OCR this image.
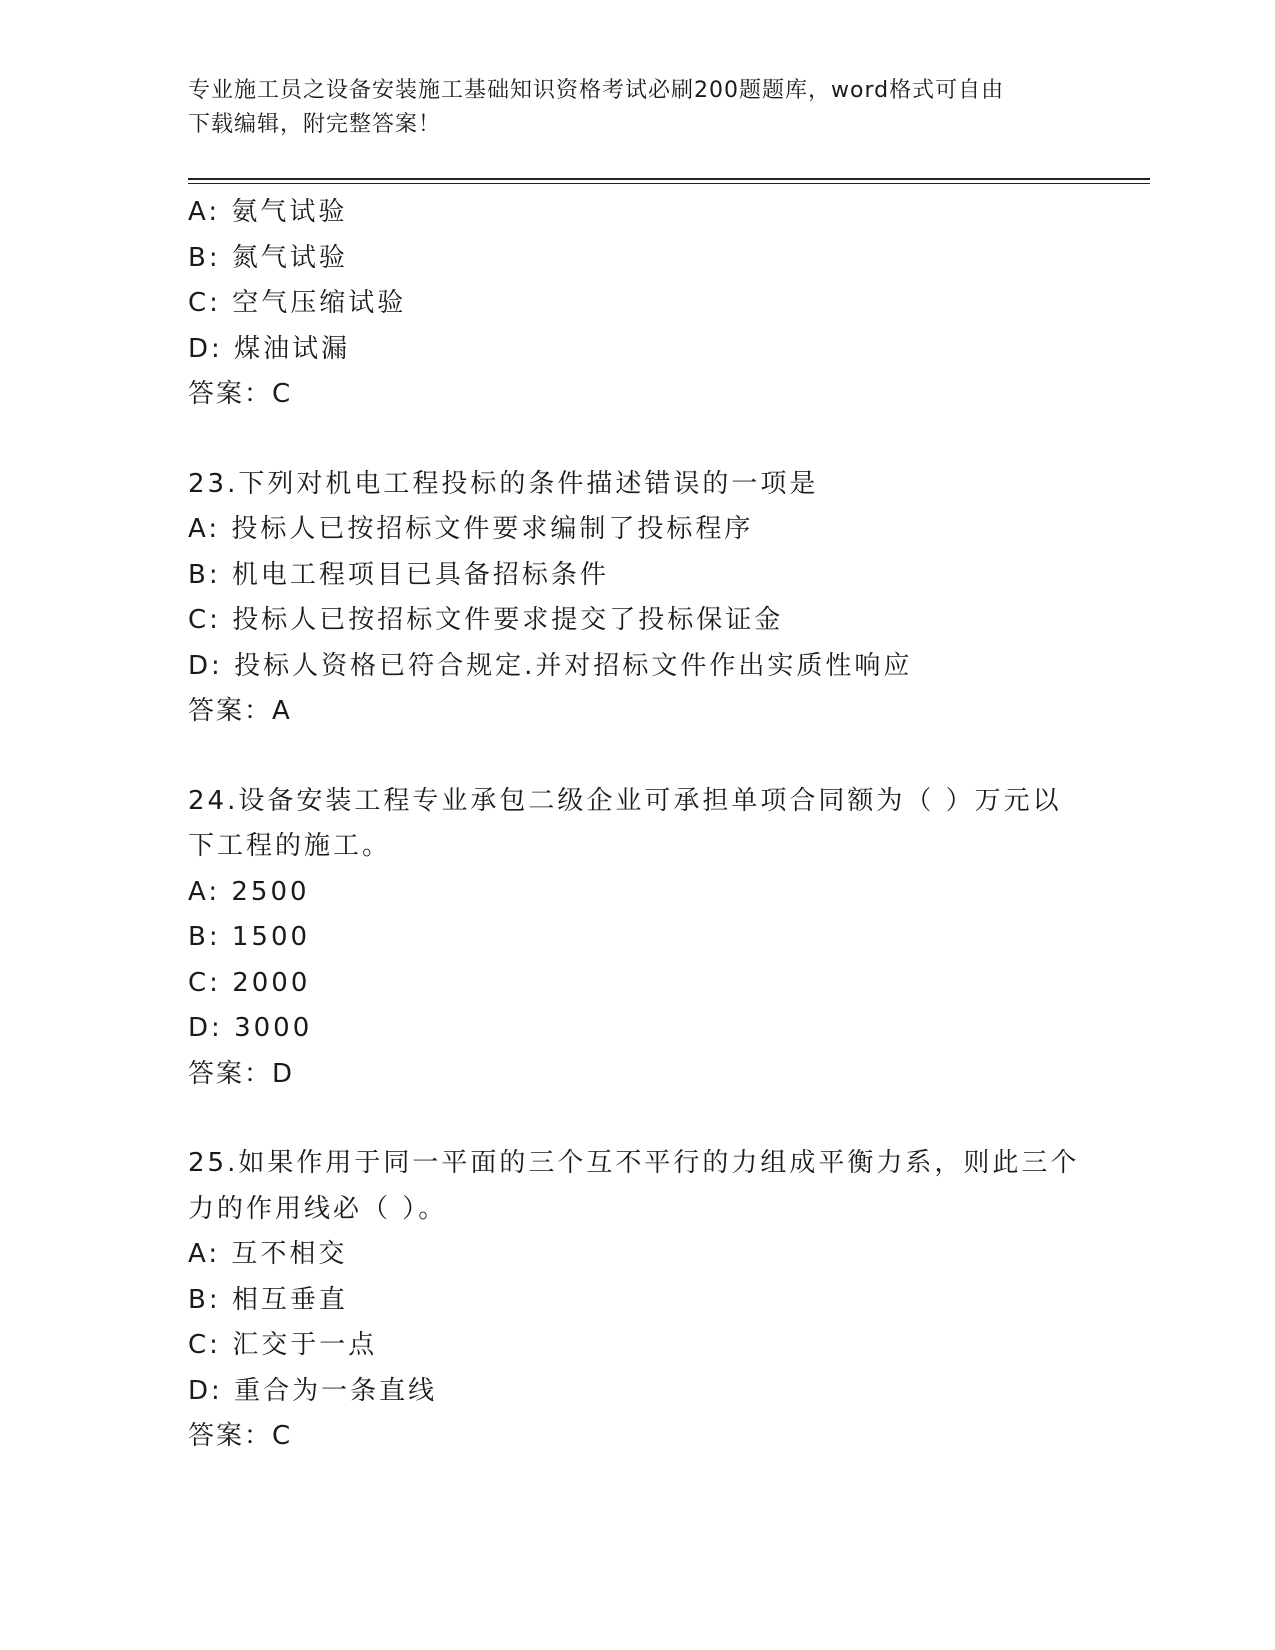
专业施工员之设备安装施工基础知识资格考试必刷200题题库，word格式可自由
下载编辑，附完整答案！
A: 氨气试验
B: 氮气试验
C: 空气压缩试验
D: 煤油试漏
答案：C
23.下列对机电工程投标的条件描述错误的一项是
A: 投标人已按招标文件要求编制了投标程序
B: 机电工程项目已具备招标条件
C: 投标人已按招标文件要求提交了投标保证金
D: 投标人资格已符合规定.并对招标文件作出实质性响应
答案：A
24.设备安装工程专业承包二级企业可承担单项合同额为（ ）万元以
下工程的施工。
A: 2500
B: 1500
C: 2000
D: 3000
答案：D
25.如果作用于同一平面的三个互不平行的力组成平衡力系，则此三个
力的作用线必（ ）。
A: 互不相交
B: 相互垂直
C: 汇交于一点
D: 重合为一条直线
答案：C
